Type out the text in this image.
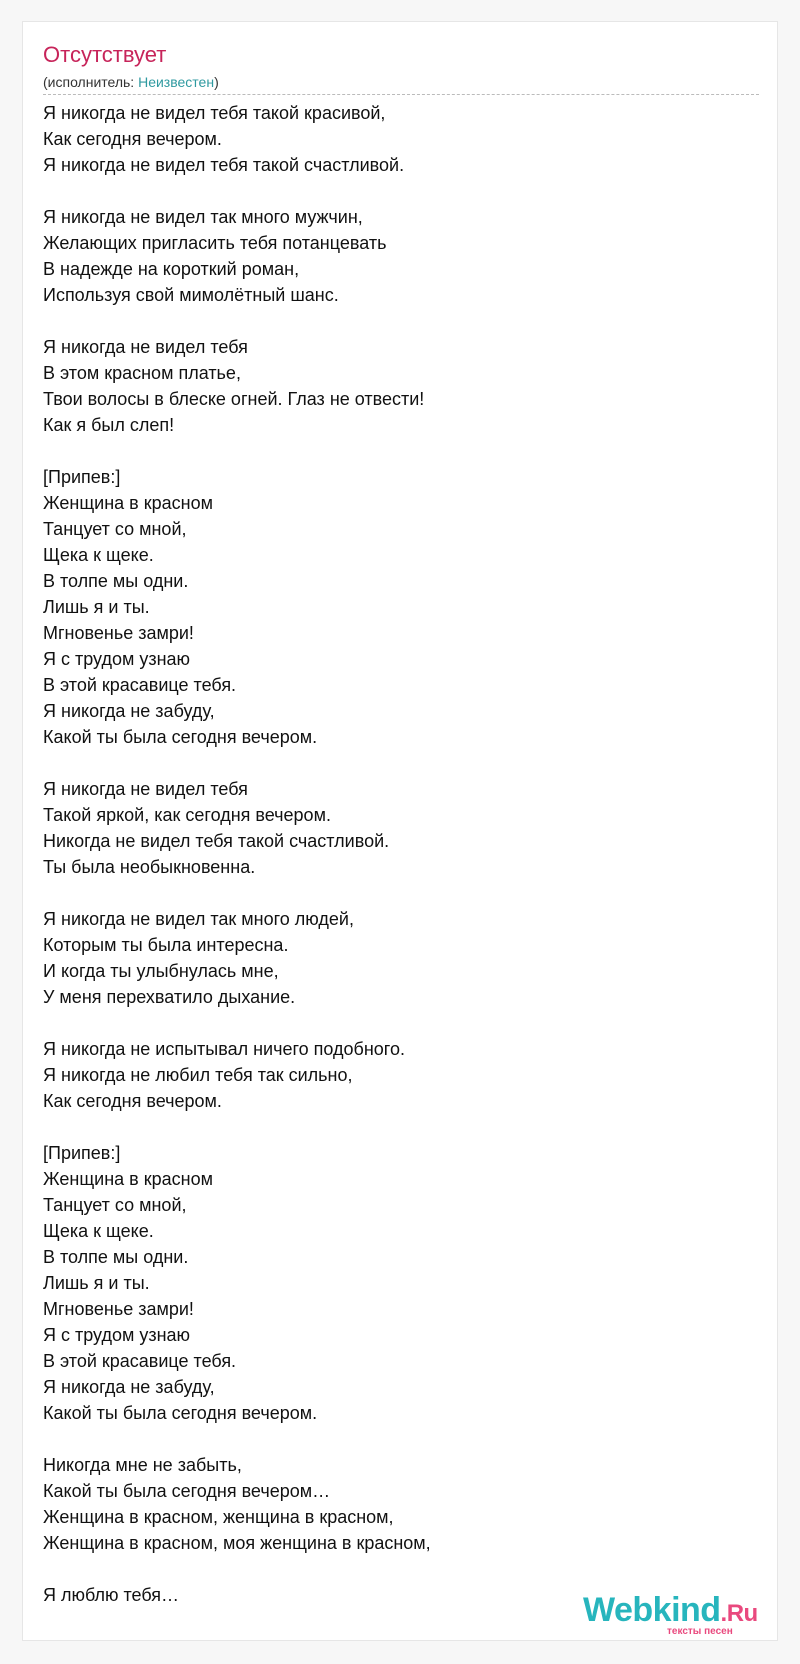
Отсутствует
(исполнитель: Неизвестен)
Я никогда не видел тебя такой красивой,
Как сегодня вечером.
Я никогда не видел тебя такой счастливой.
Я никогда не видел так много мужчин,
Желающих пригласить тебя потанцевать
В надежде на короткий роман,
Используя свой мимолётный шанс.
Я никогда не видел тебя
В этом красном платье,
Твои волосы в блеске огней. Глаз не отвести!
Как я был слеп!
[Припев:]
Женщина в красном
Танцует со мной,
Щека к щеке.
В толпе мы одни.
Лишь я и ты.
Мгновенье замри!
Я с трудом узнаю
В этой красавице тебя.
Я никогда не забуду,
Какой ты была сегодня вечером.
Я никогда не видел тебя
Такой яркой, как сегодня вечером.
Никогда не видел тебя такой счастливой.
Ты была необыкновенна.
Я никогда не видел так много людей,
Которым ты была интересна.
И когда ты улыбнулась мне,
У меня перехватило дыхание.
Я никогда не испытывал ничего подобного.
Я никогда не любил тебя так сильно,
Как сегодня вечером.
[Припев:]
Женщина в красном
Танцует со мной,
Щека к щеке.
В толпе мы одни.
Лишь я и ты.
Мгновенье замри!
Я с трудом узнаю
В этой красавице тебя.
Я никогда не забуду,
Какой ты была сегодня вечером.
Никогда мне не забыть,
Какой ты была сегодня вечером…
Женщина в красном, женщина в красном,
Женщина в красном, моя женщина в красном,
Я люблю тебя…	Webkind.Ru
тексты песен
